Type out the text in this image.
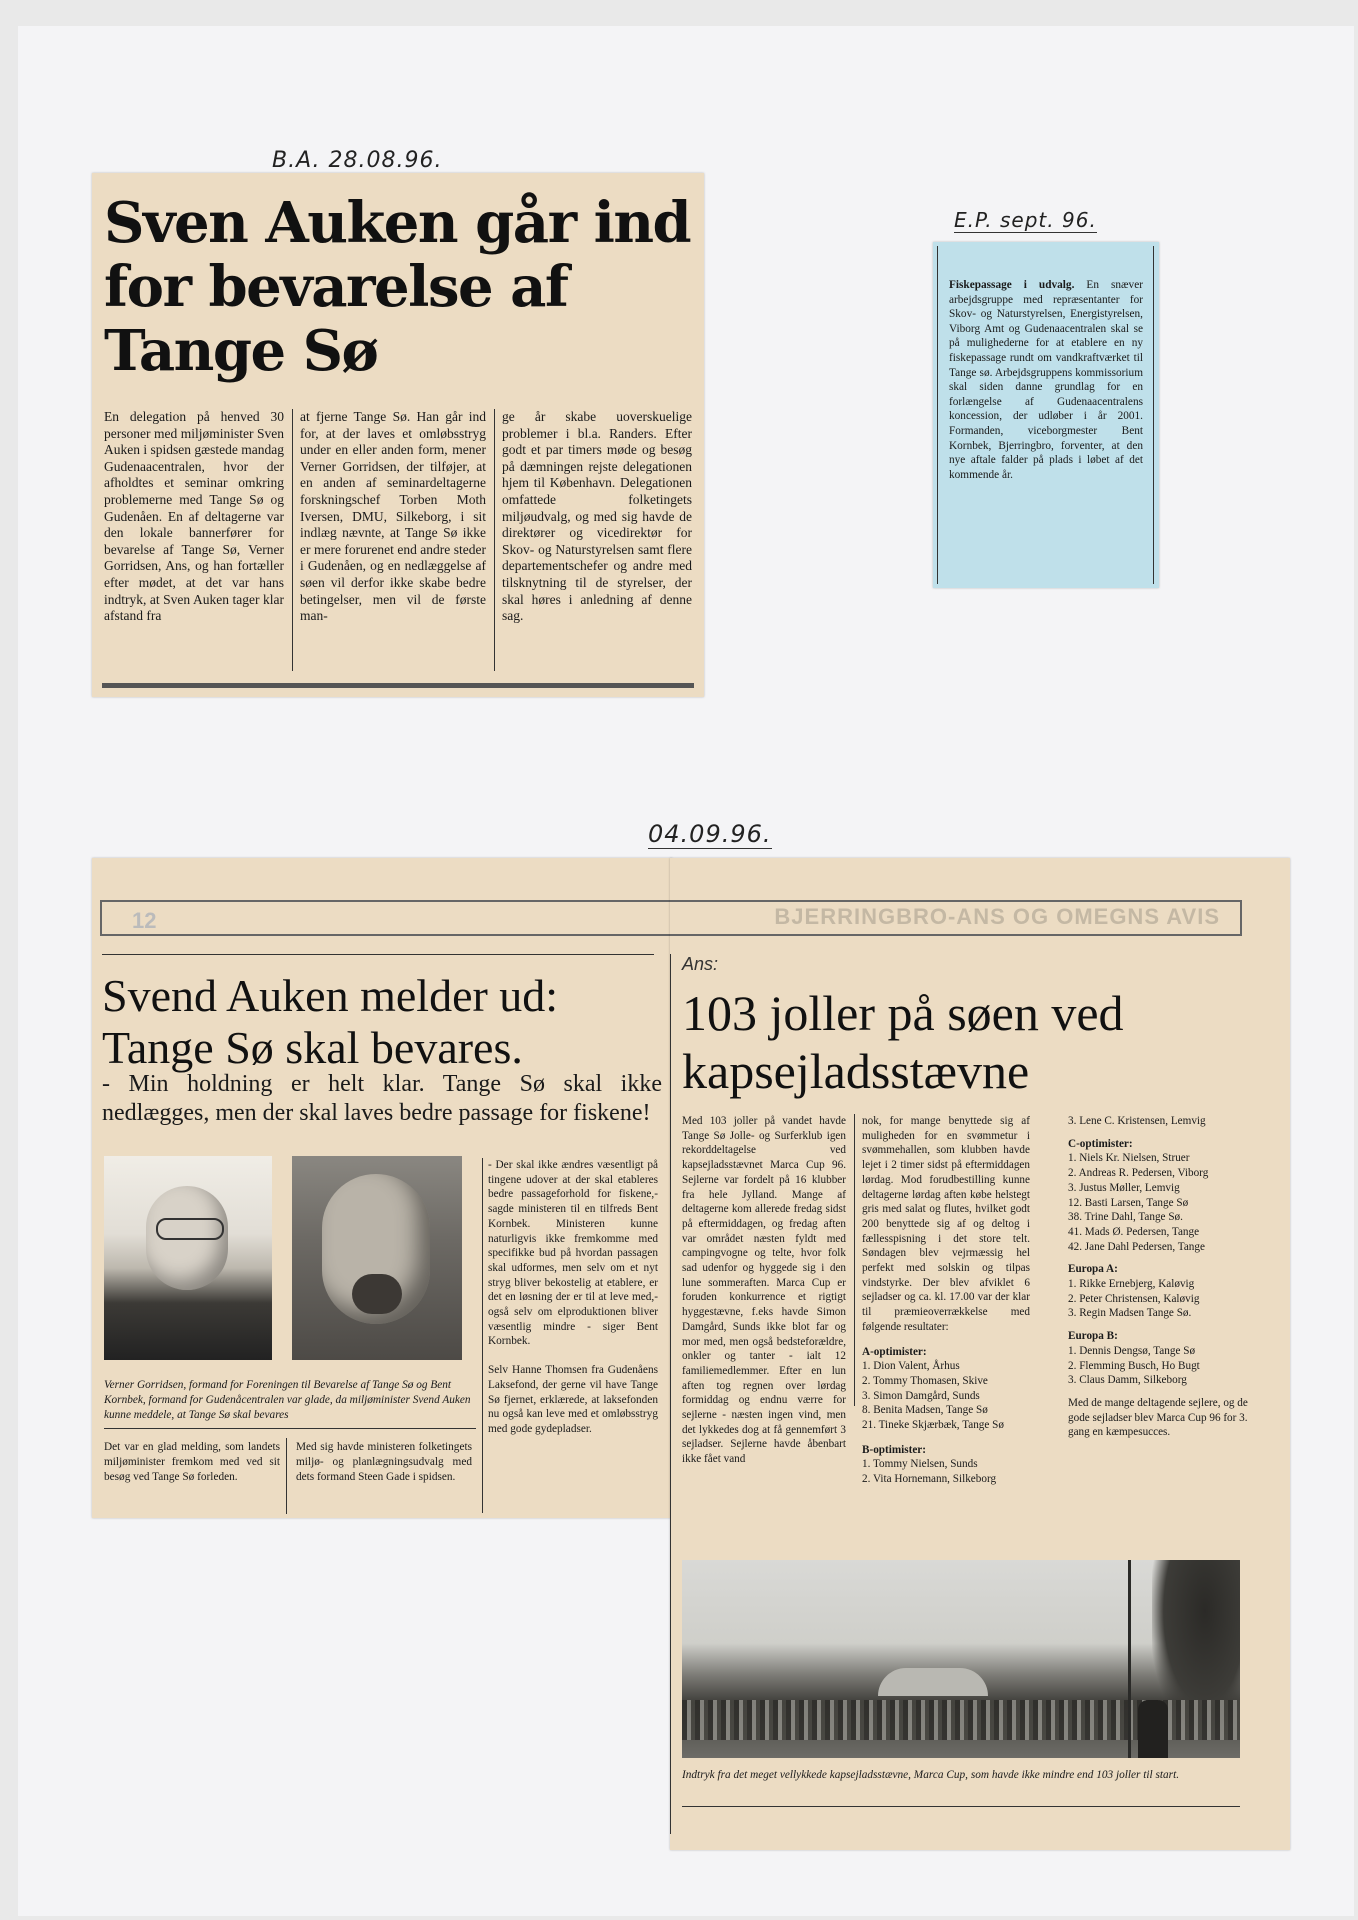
B.A. 28.08.96.
Sven Auken går ind for bevarelse af Tange Sø
En delegation på henved 30 personer med miljøminister Sven Auken i spidsen gæstede mandag Gudenaacentralen, hvor der afholdtes et seminar omkring problemerne med Tange Sø og Gudenåen. En af deltagerne var den lokale bannerfører for bevarelse af Tange Sø, Verner Gorridsen, Ans, og han fortæller efter mødet, at det var hans indtryk, at Sven Auken tager klar afstand fra
at fjerne Tange Sø. Han går ind for, at der laves et omløbsstryg under en eller anden form, mener Verner Gorridsen, der tilføjer, at en anden af seminardeltagerne forskningschef Torben Moth Iversen, DMU, Silkeborg, i sit indlæg nævnte, at Tange Sø ikke er mere forurenet end andre steder i Gudenåen, og en nedlæggelse af søen vil derfor ikke skabe bedre betingelser, men vil de første man-
ge år skabe uoverskuelige problemer i bl.a. Randers. Efter godt et par timers møde og besøg på dæmningen rejste delegationen hjem til København. Delegationen omfattede folketingets miljøudvalg, og med sig havde de direktører og vicedirektør for Skov- og Naturstyrelsen samt flere departementschefer og andre med tilsknytning til de styrelser, der skal høres i anledning af denne sag.
E.P. sept. 96.
Fiskepassage i udvalg. En snæver arbejdsgruppe med repræsentanter for Skov- og Naturstyrelsen, Energistyrelsen, Viborg Amt og Gudenaacentralen skal se på mulighederne for at etablere en ny fiskepassage rundt om vandkraftværket til Tange sø. Arbejdsgruppens kommissorium skal siden danne grundlag for en forlængelse af Gudenaacentralens koncession, der udløber i år 2001. Formanden, viceborgmester Bent Kornbek, Bjerringbro, forventer, at den nye aftale falder på plads i løbet af det kommende år.
04.09.96.
12
Svend Auken melder ud: Tange Sø skal bevares.
- Min holdning er helt klar. Tange Sø skal ikke nedlægges, men der skal laves bedre passage for fiskene!
- Der skal ikke ændres væsentligt på tingene udover at der skal etableres bedre passageforhold for fiskene,- sagde ministeren til en tilfreds Bent Kornbek. Ministeren kunne naturligvis ikke fremkomme med specifikke bud på hvordan passagen skal udformes, men selv om et nyt stryg bliver bekostelig at etablere, er det en løsning der er til at leve med,- også selv om elproduktionen bliver væsentlig mindre - siger Bent Kornbek.
Selv Hanne Thomsen fra Gudenåens Laksefond, der gerne vil have Tange Sø fjernet, erklærede, at laksefonden nu også kan leve med et omløbsstryg med gode gydepladser.
Verner Gorridsen, formand for Foreningen til Bevarelse af Tange Sø og Bent Kornbek, formand for Gudenåcentralen var glade, da miljøminister Svend Auken kunne meddele, at Tange Sø skal bevares
Det var en glad melding, som landets miljøminister fremkom med ved sit besøg ved Tange Sø forleden.
Med sig havde ministeren folketingets miljø- og planlægningsudvalg med dets formand Steen Gade i spidsen.
BJERRINGBRO-ANS OG OMEGNS AVIS
Ans:
103 joller på søen ved kapsejladsstævne
Med 103 joller på vandet havde Tange Sø Jolle- og Surferklub igen rekorddeltagelse ved kapsejladsstævnet Marca Cup 96. Sejlerne var fordelt på 16 klubber fra hele Jylland. Mange af deltagerne kom allerede fredag sidst på eftermiddagen, og fredag aften var området næsten fyldt med campingvogne og telte, hvor folk sad udenfor og hyggede sig i den lune sommeraften. Marca Cup er foruden konkurrence et rigtigt hyggestævne, f.eks havde Simon Damgård, Sunds ikke blot far og mor med, men også bedsteforældre, onkler og tanter - ialt 12 familiemedlemmer. Efter en lun aften tog regnen over lørdag formiddag og endnu værre for sejlerne - næsten ingen vind, men det lykkedes dog at få gennemført 3 sejladser. Sejlerne havde åbenbart ikke fået vand
nok, for mange benyttede sig af muligheden for en svømmetur i svømmehallen, som klubben havde lejet i 2 timer sidst på eftermiddagen lørdag. Mod forudbestilling kunne deltagerne lørdag aften købe helstegt gris med salat og flutes, hvilket godt 200 benyttede sig af og deltog i fællesspisning i det store telt. Søndagen blev vejrmæssig hel perfekt med solskin og tilpas vindstyrke. Der blev afviklet 6 sejladser og ca. kl. 17.00 var der klar til præmieoverrækkelse med følgende resultater:
A-optimister:
1. Dion Valent, Århus
2. Tommy Thomasen, Skive
3. Simon Damgård, Sunds
8. Benita Madsen, Tange Sø
21. Tineke Skjærbæk, Tange Sø
B-optimister:
1. Tommy Nielsen, Sunds
2. Vita Hornemann, Silkeborg
3. Lene C. Kristensen, Lemvig
C-optimister:
1. Niels Kr. Nielsen, Struer
2. Andreas R. Pedersen, Viborg
3. Justus Møller, Lemvig
12. Basti Larsen, Tange Sø
38. Trine Dahl, Tange Sø.
41. Mads Ø. Pedersen, Tange
42. Jane Dahl Pedersen, Tange
Europa A:
1. Rikke Ernebjerg, Kaløvig
2. Peter Christensen, Kaløvig
3. Regin Madsen Tange Sø.
Europa B:
1. Dennis Dengsø, Tange Sø
2. Flemming Busch, Ho Bugt
3. Claus Damm, Silkeborg
Med de mange deltagende sejlere, og de gode sejladser blev Marca Cup 96 for 3. gang en kæmpesucces.
Indtryk fra det meget vellykkede kapsejladsstævne, Marca Cup, som havde ikke mindre end 103 joller til start.
